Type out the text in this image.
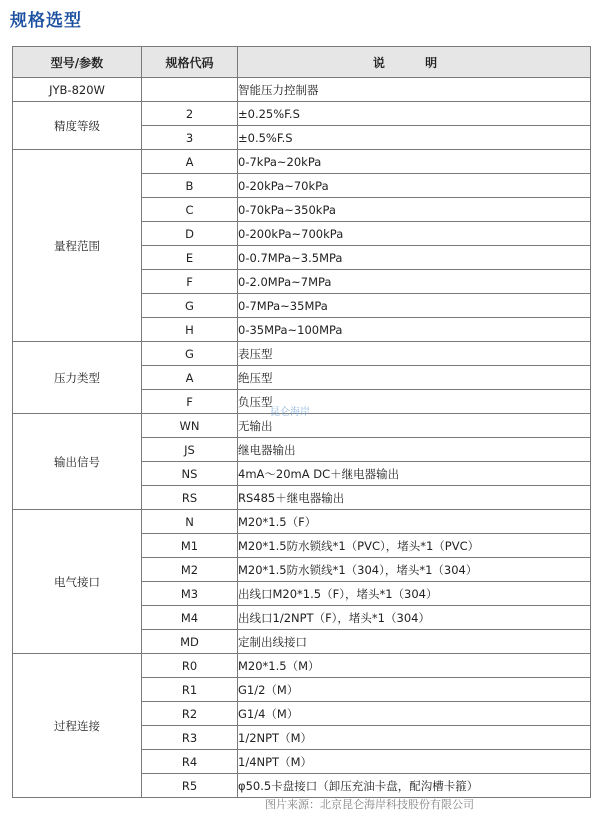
规格选型
型号/参数	规格代码	说 明
JYB-820W		智能压力控制器
精度等级	2	±0.25%F.S
	3	±0.5%F.S
量程范围	A	0-7kPa~20kPa
	B	0-20kPa~70kPa
	C	0-70kPa~350kPa
	D	0-200kPa~700kPa
	E	0-0.7MPa~3.5MPa
	F	0-2.0MPa~7MPa
	G	0-7MPa~35MPa
	H	0-35MPa~100MPa
压力类型	G	表压型
	A	绝压型
	F	负压型
输出信号	WN	无输出
	JS	继电器输出
	NS	4mA～20mA DC＋继电器输出
	RS	RS485＋继电器输出
电气接口	N	M20*1.5（F）
	M1	M20*1.5防水锁线*1（PVC），堵头*1（PVC）
	M2	M20*1.5防水锁线*1（304），堵头*1（304）
	M3	出线口M20*1.5（F），堵头*1（304）
	M4	出线口1/2NPT（F），堵头*1（304）
	MD	定制出线接口
过程连接	R0	M20*1.5（M）
	R1	G1/2（M）
	R2	G1/4（M）
	R3	1/2NPT（M）
	R4	1/4NPT（M）
	R5	φ50.5卡盘接口（卸压充油卡盘，配沟槽卡箍）
昆仑海岸
图片来源：北京昆仑海岸科技股份有限公司
